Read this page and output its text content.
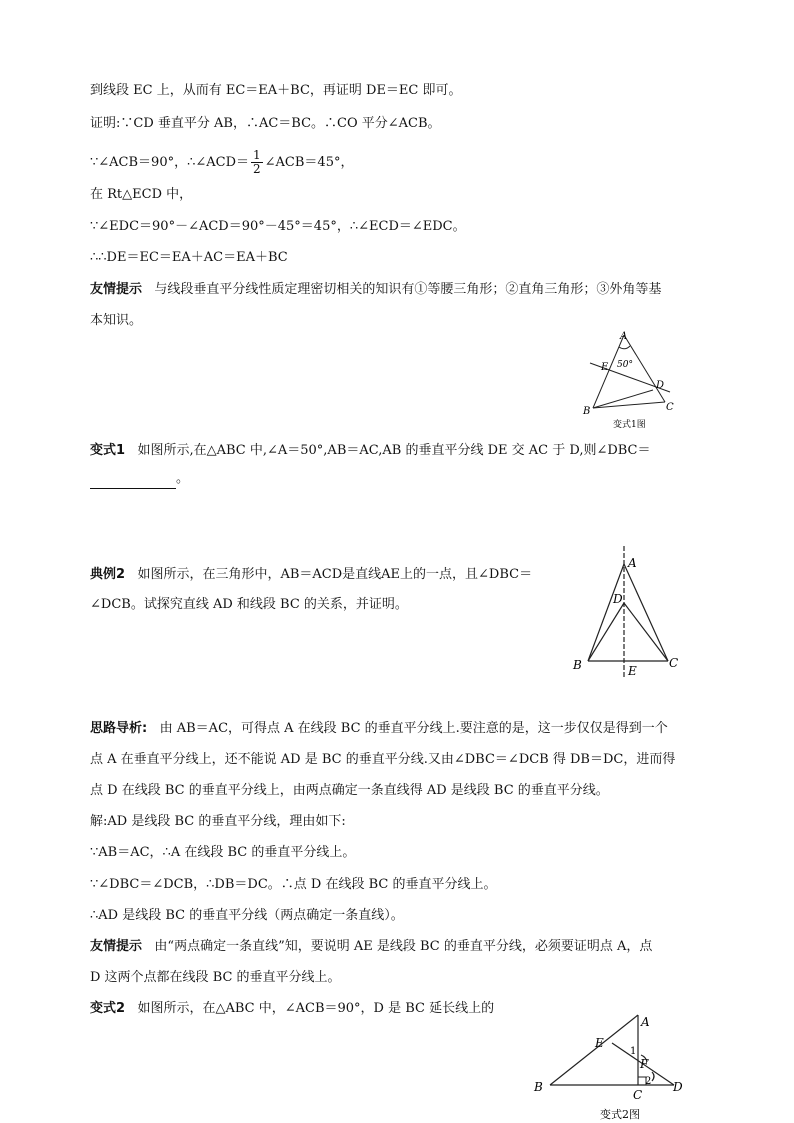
到线段 EC 上，从而有 EC＝EA＋BC，再证明 DE＝EC 即可。
证明:∵CD 垂直平分 AB，∴AC＝BC。∴CO 平分∠ACB。
∵∠ACB＝90°，∴∠ACD＝ $\frac{1}{2}$ ∠ACB＝45°，
在 Rt△ECD 中，
∵∠EDC＝90°－∠ACD＝90°－45°＝45°，∴∠ECD＝∠EDC。
∴∴DE＝EC＝EA＋AC＝EA＋BC
友情提示 与线段垂直平分线性质定理密切相关的知识有①等腰三角形；②直角三角形；③外角等基
本知识。
A
E
D
B	C
50°
变式1图
变式1 如图所示,在△ABC 中,∠A＝50°,AB＝AC,AB 的垂直平分线 DE 交 AC 于 D,则∠DBC＝
。
典例2 如图所示，在三角形中，AB＝ACD是直线AE上的一点，且∠DBC＝
∠DCB。试探究直线 AD 和线段 BC 的关系，并证明。
A
D
B	E
C
思路导析: 由 AB＝AC，可得点 A 在线段 BC 的垂直平分线上.要注意的是，这一步仅仅是得到一个
点 A 在垂直平分线上，还不能说 AD 是 BC 的垂直平分线.又由∠DBC＝∠DCB 得 DB＝DC，进而得
点 D 在线段 BC 的垂直平分线上，由两点确定一条直线得 AD 是线段 BC 的垂直平分线。
解:AD 是线段 BC 的垂直平分线，理由如下:
∵AB＝AC，∴A 在线段 BC 的垂直平分线上。
∵∠DBC＝∠DCB，∴DB＝DC。∴点 D 在线段 BC 的垂直平分线上。
∴AD 是线段 BC 的垂直平分线（两点确定一条直线）。
友情提示 由“两点确定一条直线”知，要说明 AE 是线段 BC 的垂直平分线，必须要证明点 A，点
D 这两个点都在线段 BC 的垂直平分线上。
变式2 如图所示，在△ABC 中，∠ACB＝90°，D 是 BC 延长线上的
A
E
F
B
C
D
1
2
变式2图
